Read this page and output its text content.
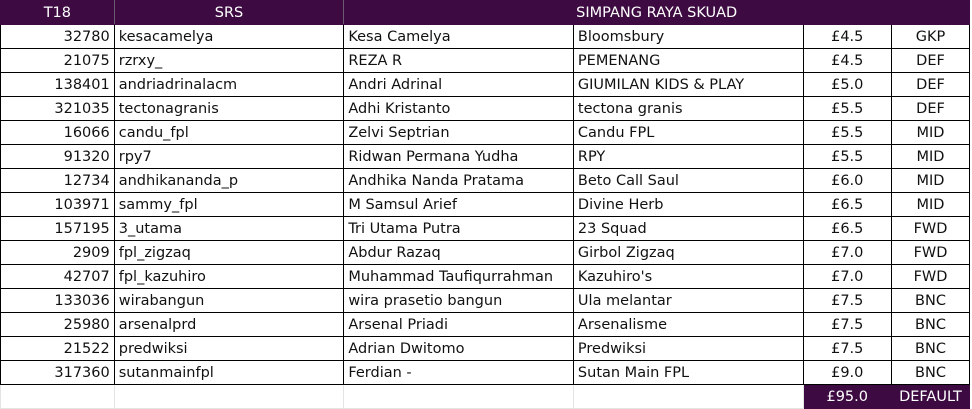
T18	SRS	SIMPANG RAYA SKUAD			
32780	kesacamelya	Kesa Camelya	Bloomsbury	£4.5	GKP
21075	rzrxy_	REZA R	PEMENANG	£4.5	DEF
138401	andriadrinalacm	Andri Adrinal	GIUMILAN KIDS & PLAY	£5.0	DEF
321035	tectonagranis	Adhi Kristanto	tectona granis	£5.5	DEF
16066	candu_fpl	Zelvi Septrian	Candu FPL	£5.5	MID
91320	rpy7	Ridwan Permana Yudha	RPY	£5.5	MID
12734	andhikananda_p	Andhika Nanda Pratama	Beto Call Saul	£6.0	MID
103971	sammy_fpl	M Samsul Arief	Divine Herb	£6.5	MID
157195	3_utama	Tri Utama Putra	23 Squad	£6.5	FWD
2909	fpl_zigzaq	Abdur Razaq	Girbol Zigzaq	£7.0	FWD
42707	fpl_kazuhiro	Muhammad Taufiqurrahman	Kazuhiro's	£7.0	FWD
133036	wirabangun	wira prasetio bangun	Ula melantar	£7.5	BNC
25980	arsenalprd	Arsenal Priadi	Arsenalisme	£7.5	BNC
21522	predwiksi	Adrian Dwitomo	Predwiksi	£7.5	BNC
317360	sutanmainfpl	Ferdian -	Sutan Main FPL	£9.0	BNC
				£95.0	DEFAULT
